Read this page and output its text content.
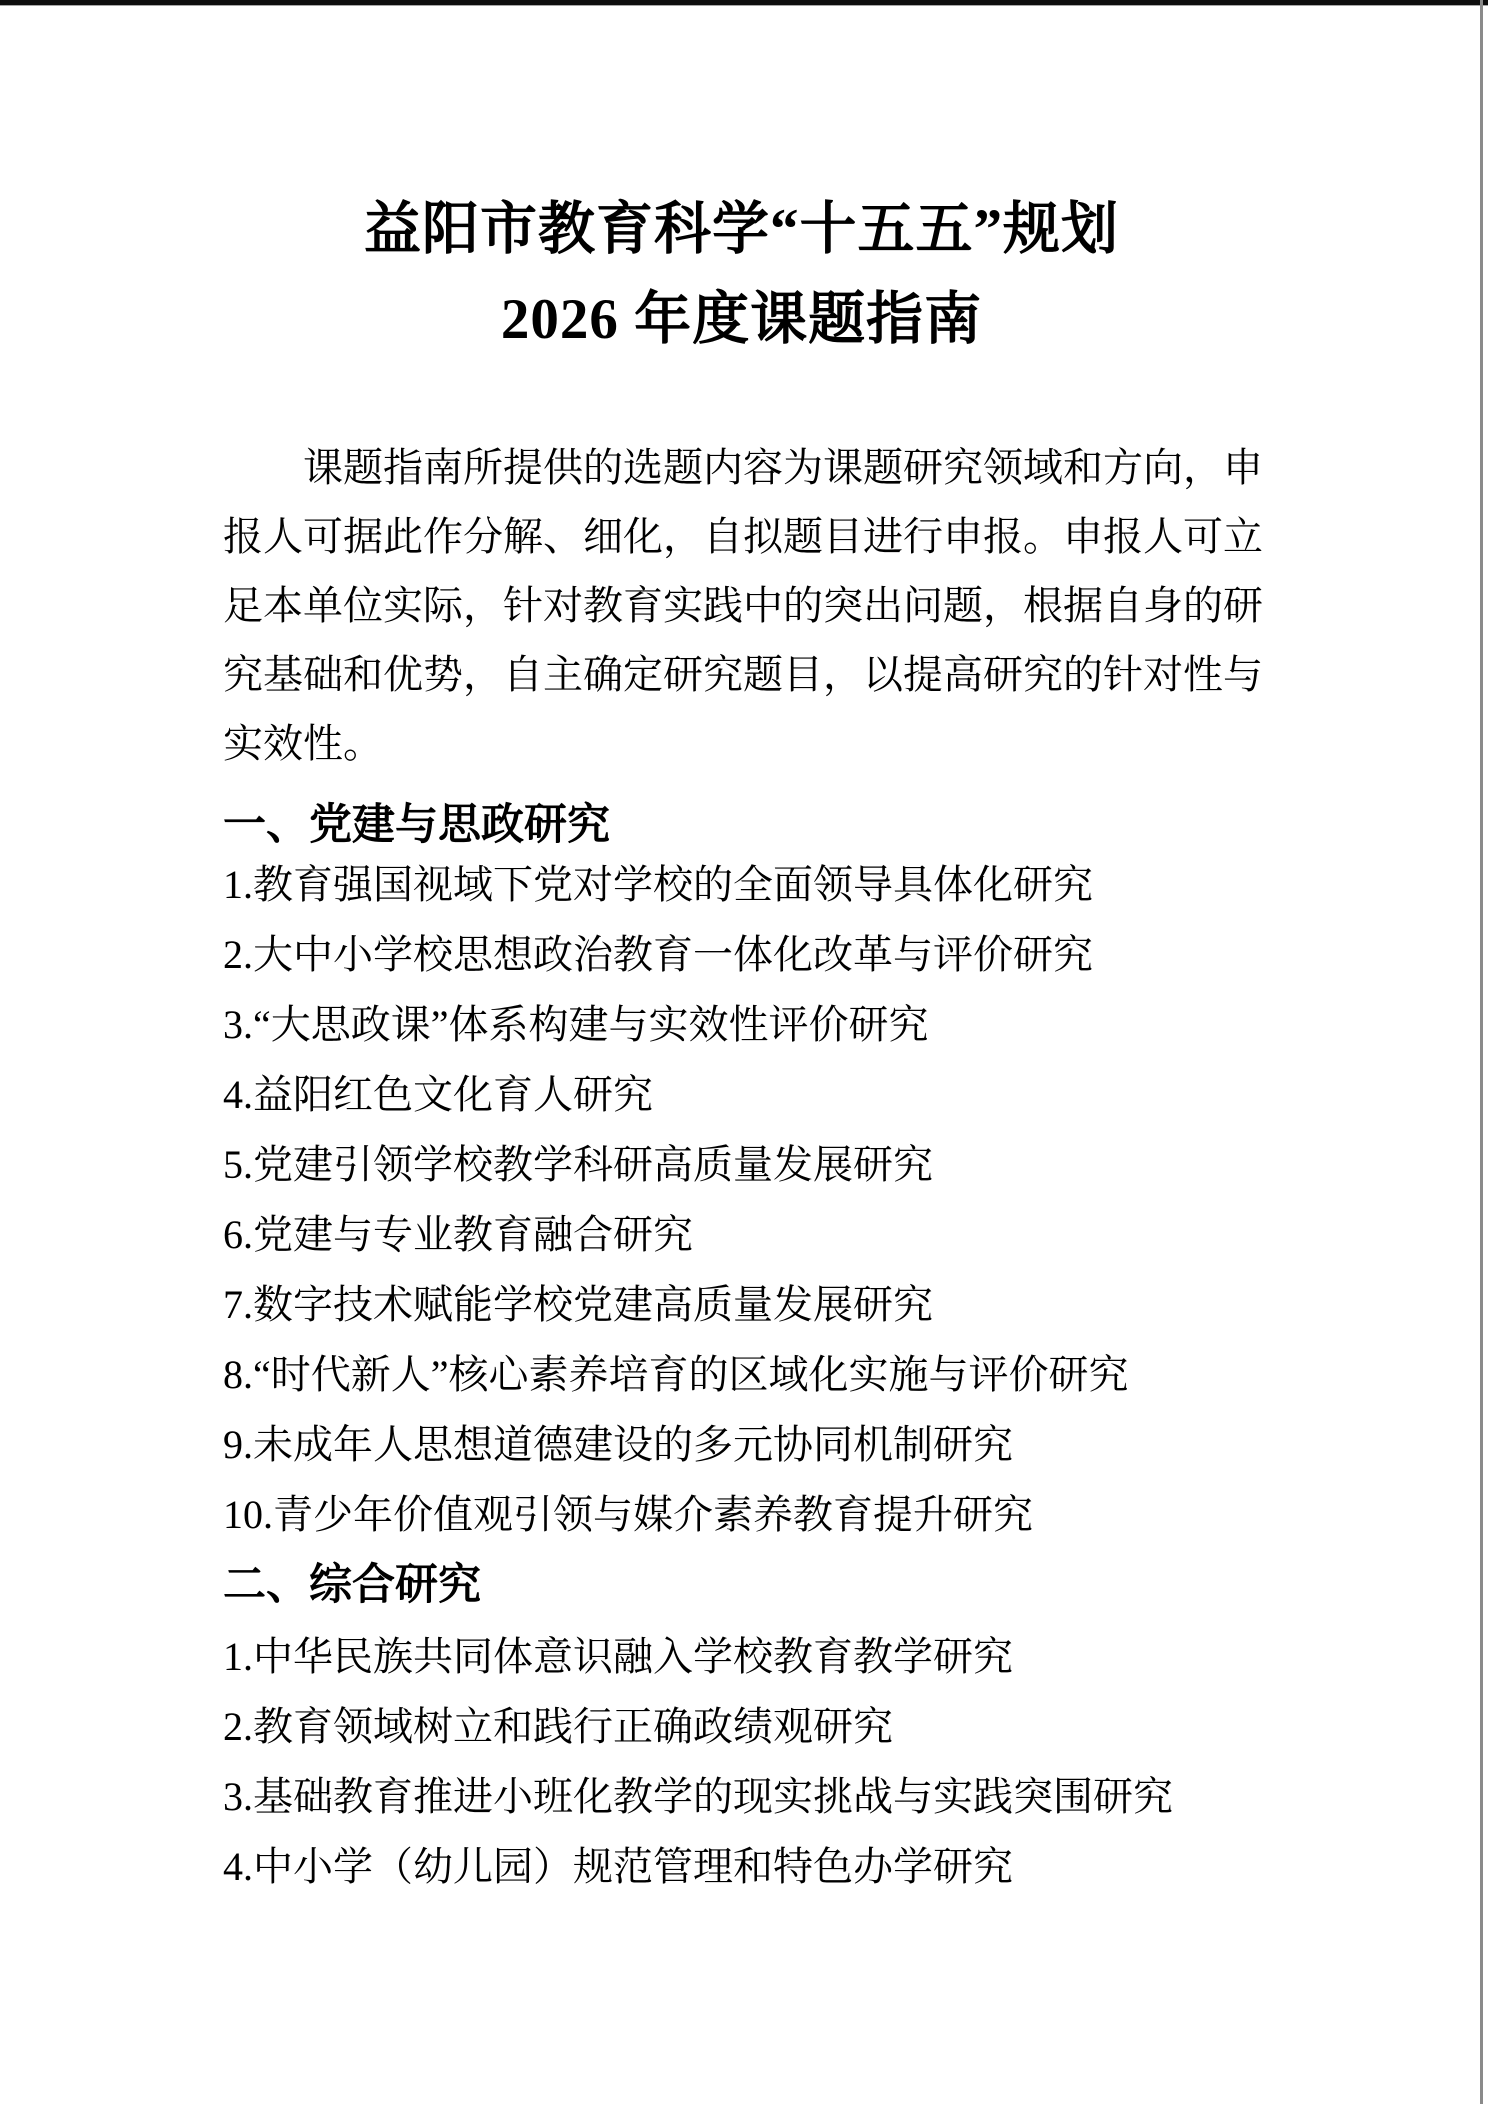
益阳市教育科学“十五五”规划
2026 年度课题指南
课题指南所提供的选题内容为课题研究领域和方向，申
报人可据此作分解、细化，自拟题目进行申报。申报人可立
足本单位实际，针对教育实践中的突出问题，根据自身的研
究基础和优势，自主确定研究题目，以提高研究的针对性与
实效性。
一、党建与思政研究
1.教育强国视域下党对学校的全面领导具体化研究
2.大中小学校思想政治教育一体化改革与评价研究
3.“大思政课”体系构建与实效性评价研究
4.益阳红色文化育人研究
5.党建引领学校教学科研高质量发展研究
6.党建与专业教育融合研究
7.数字技术赋能学校党建高质量发展研究
8.“时代新人”核心素养培育的区域化实施与评价研究
9.未成年人思想道德建设的多元协同机制研究
10.青少年价值观引领与媒介素养教育提升研究
二、综合研究
1.中华民族共同体意识融入学校教育教学研究
2.教育领域树立和践行正确政绩观研究
3.基础教育推进小班化教学的现实挑战与实践突围研究
4.中小学（幼儿园）规范管理和特色办学研究
